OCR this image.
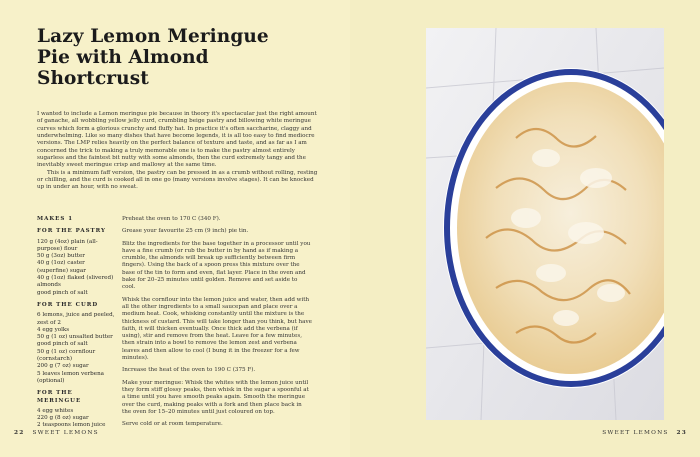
Lazy Lemon Meringue Pie with Almond Shortcrust

I wanted to include a Lemon meringue pie because in theory it's spectacular just the right amount of ganache, all wobbling yellow jelly curd, crumbling beige pastry and billowing white meringue curves which form a glorious crunchy and fluffy hat. In practice it's often saccharine, claggy and underwhelming. Like so many dishes that have become legends, it is all too easy to find mediocre versions. The LMP relies heavily on the perfect balance of texture and taste, and as far as I am concerned the trick to making a truly memorable one is to make the pastry almost entirely sugarless and the faintest bit nutty with some almonds, then the curd extremely tangy and the inevitably sweet meringue crisp and mallowy at the same time.

This is a minimum faff version, the pastry can be pressed in as a crumb without rolling, resting or chilling, and the curd is cooked all in one go (many versions involve stages). It can be knocked up in under an hour, with no sweat.

MAKES 1
FOR THE PASTRY
120 g (4oz) plain (all-purpose) flour
50 g (3oz) butter
40 g (1oz) caster (superfine) sugar
40 g (1oz) flaked (slivered) almonds
good pinch of salt
FOR THE CURD
6 lemons, juice and peeled, zest of 2
4 egg yolks
50 g (1 oz) unsalted butter
good pinch of salt
50 g (1 oz) cornflour (cornstarch)
200 g (7 oz) sugar
5 leaves lemon verbena (optional)
FOR THE MERINGUE
4 egg whites
220 g (8 oz) sugar
2 teaspoons lemon juice

Preheat the oven to 170 C (340 F).

Grease your favourite 25 cm (9 inch) pie tin.

Blitz the ingredients for the base together in a processor until you have a fine crumb (or rub the butter in by hand as if making a crumble, the almonds will break up sufficiently between firm fingers). Using the back of a spoon press this mixture over the base of the tin to form and even, flat layer. Place in the oven and bake for 20–25 minutes until golden. Remove and set aside to cool.

Whisk the cornflour into the lemon juice and water, then add with all the other ingredients to a small saucepan and place over a medium heat. Cook, whisking constantly until the mixture is the thickness of custard. This will take longer than you think, but have faith, it will thicken eventually. Once thick add the verbena (if using), stir and remove from the heat. Leave for a few minutes, then strain into a bowl to remove the lemon zest and verbena leaves and then allow to cool (I bung it in the freezer for a few minutes).

Increase the heat of the oven to 190 C (375 F).

Make your meringue: Whisk the whites with the lemon juice until they form stiff glossy peaks, then whisk in the sugar a spoonful at a time until you have smooth peaks again. Smooth the meringue over the curd, making peaks with a fork and then place back in the oven for 15–20 minutes until just coloured on top.

Serve cold or at room temperature.

22 SWEET LEMONS	SWEET LEMONS 23
